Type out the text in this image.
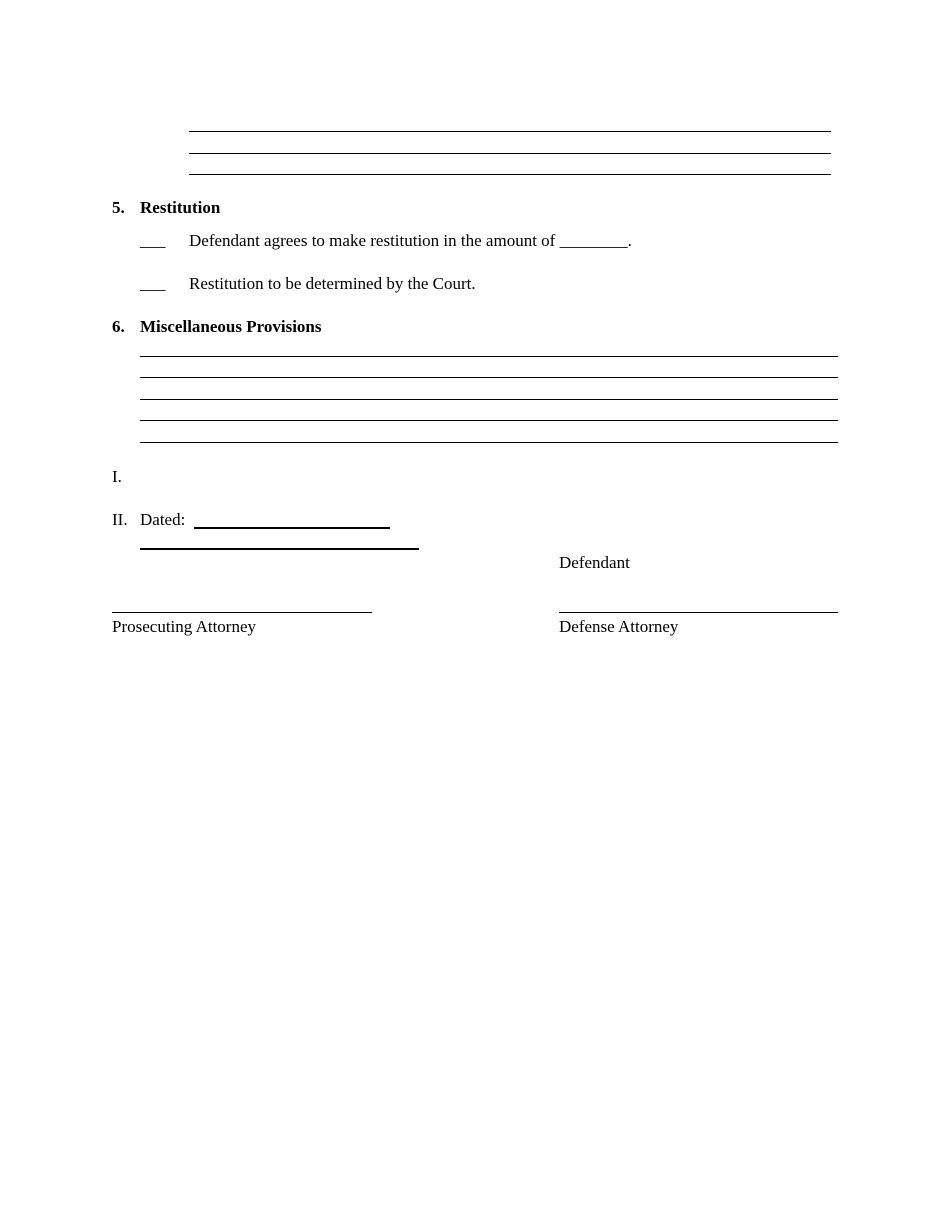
5. Restitution
___ Defendant agrees to make restitution in the amount of ________.
___ Restitution to be determined by the Court.
6. Miscellaneous Provisions
I.
II. Dated:
Defendant
Prosecuting Attorney	Defense Attorney
